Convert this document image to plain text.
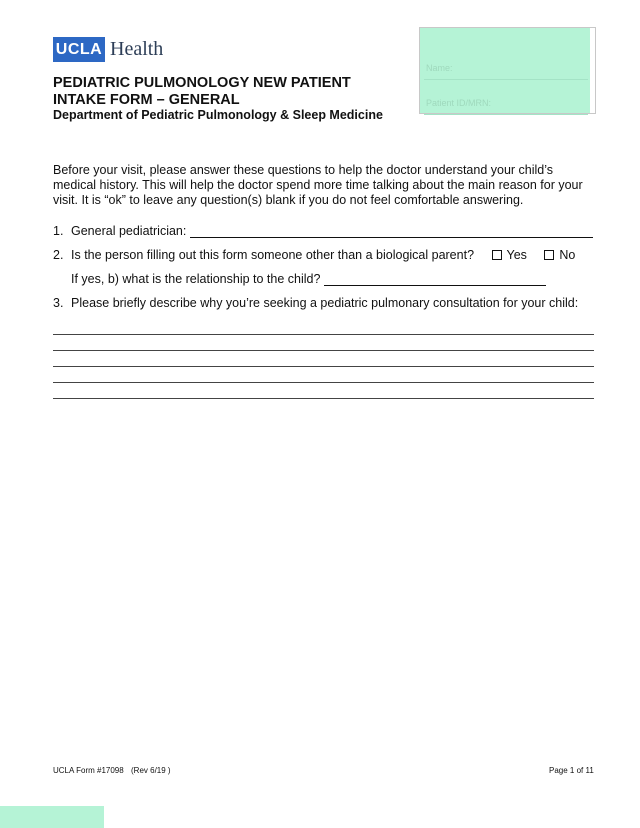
UCLA Health
Name:
Patient ID/MRN:
PEDIATRIC PULMONOLOGY NEW PATIENT
INTAKE FORM – GENERAL
Department of Pediatric Pulmonology & Sleep Medicine
Before your visit, please answer these questions to help the doctor understand your child’s medical history. This will help the doctor spend more time talking about the main reason for your visit. It is “ok” to leave any question(s) blank if you do not feel comfortable answering.
1. General pediatrician:
2. Is the person filling out this form someone other than a biological parent?	Yes	No
If yes, b) what is the relationship to the child?
3. Please briefly describe why you’re seeking a pediatric pulmonary consultation for your child:
UCLA Form #17098 (Rev 6/19 )	Page 1 of 11
